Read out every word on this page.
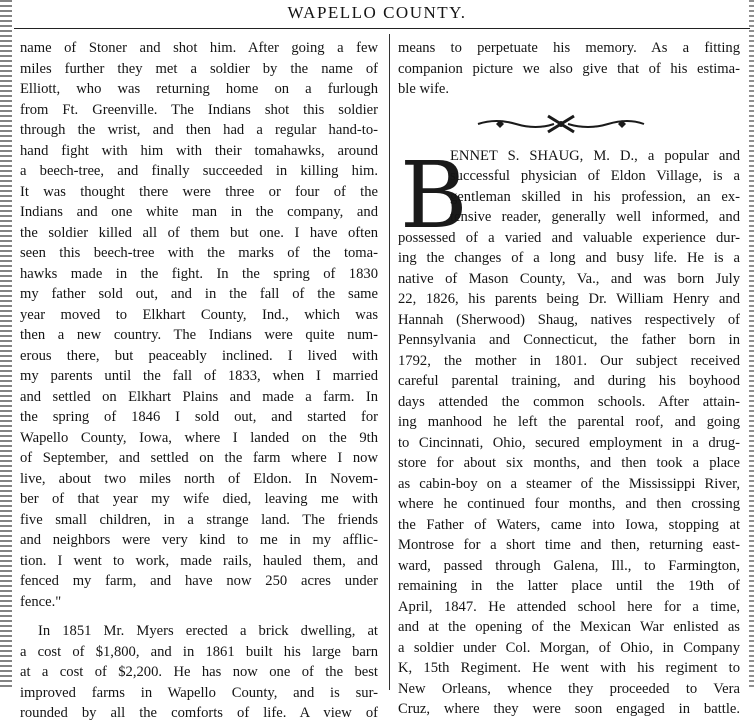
WAPELLO COUNTY.
name of Stoner and shot him. After going a few
miles further they met a soldier by the name of
Elliott, who was returning home on a furlough
from Ft. Greenville. The Indians shot this soldier
through the wrist, and then had a regular hand-to-
hand fight with him with their tomahawks, around
a beech-tree, and finally succeeded in killing him.
It was thought there were three or four of the
Indians and one white man in the company, and
the soldier killed all of them but one. I have often
seen this beech-tree with the marks of the toma-
hawks made in the fight. In the spring of 1830
my father sold out, and in the fall of the same
year moved to Elkhart County, Ind., which was
then a new country. The Indians were quite num-
erous there, but peaceably inclined. I lived with
my parents until the fall of 1833, when I married
and settled on Elkhart Plains and made a farm. In
the spring of 1846 I sold out, and started for
Wapello County, Iowa, where I landed on the 9th
of September, and settled on the farm where I now
live, about two miles north of Eldon. In Novem-
ber of that year my wife died, leaving me with
five small children, in a strange land. The friends
and neighbors were very kind to me in my afflic-
tion. I went to work, made rails, hauled them, and
fenced my farm, and have now 250 acres under
fence."
In 1851 Mr. Myers erected a brick dwelling, at
a cost of $1,800, and in 1861 built his large barn
at a cost of $2,200. He has now one of the best
improved farms in Wapello County, and is sur-
rounded by all the comforts of life. A view of
means to perpetuate his memory. As a fitting
companion picture we also give that of his estima-
ble wife.
B
ENNET S. SHAUG, M. D., a popular and
successful physician of Eldon Village, is a
gentleman skilled in his profession, an ex-
tensive reader, generally well informed, and
possessed of a varied and valuable experience dur-
ing the changes of a long and busy life. He is a
native of Mason County, Va., and was born July
22, 1826, his parents being Dr. William Henry and
Hannah (Sherwood) Shaug, natives respectively of
Pennsylvania and Connecticut, the father born in
1792, the mother in 1801. Our subject received
careful parental training, and during his boyhood
days attended the common schools. After attain-
ing manhood he left the parental roof, and going
to Cincinnati, Ohio, secured employment in a drug-
store for about six months, and then took a place
as cabin-boy on a steamer of the Mississippi River,
where he continued four months, and then crossing
the Father of Waters, came into Iowa, stopping at
Montrose for a short time and then, returning east-
ward, passed through Galena, Ill., to Farmington,
remaining in the latter place until the 19th of
April, 1847. He attended school here for a time,
and at the opening of the Mexican War enlisted as
a soldier under Col. Morgan, of Ohio, in Company
K, 15th Regiment. He went with his regiment to
New Orleans, whence they proceeded to Vera
Cruz, where they were soon engaged in battle.
